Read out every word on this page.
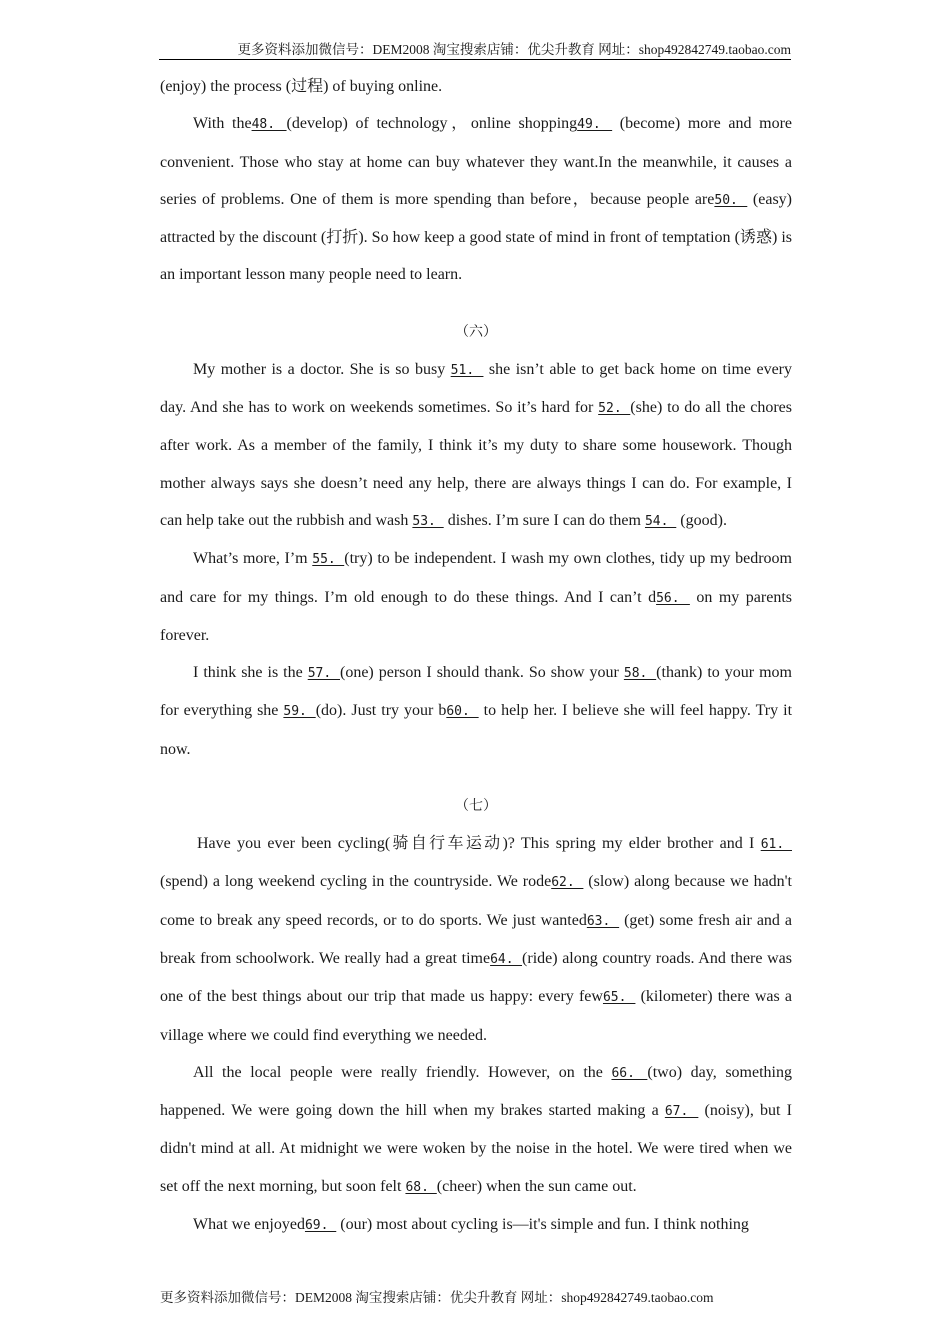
更多资料添加微信号：DEM2008 淘宝搜索店铺：优尖升教育 网址：shop492842749.taobao.com

(enjoy) the process (过程) of buying online.

With the48. (develop) of technology，online shopping49.  (become) more and more convenient. Those who stay at home can buy whatever they want.In the meanwhile, it causes a series of problems. One of them is more spending than before，because people are50.  (easy) attracted by the discount (打折). So how keep a good state of mind in front of temptation (诱惑) is an important lesson many people need to learn.

（六）

My mother is a doctor. She is so busy 51.  she isn’t able to get back home on time every day. And she has to work on weekends sometimes. So it’s hard for 52. (she) to do all the chores after work. As a member of the family, I think it’s my duty to share some housework. Though mother always says she doesn’t need any help, there are always things I can do. For example, I can help take out the rubbish and wash 53.  dishes. I’m sure I can do them 54.  (good).

What’s more, I’m 55. (try) to be independent. I wash my own clothes, tidy up my bedroom and care for my things. I’m old enough to do these things. And I can’t d56.  on my parents forever.

I think she is the 57. (one) person I should thank. So show your 58. (thank) to your mom for everything she 59. (do). Just try your b60.  to help her. I believe she will feel happy. Try it now.

（七）

Have you ever been cycling(骑自行车运动)? This spring my elder brother and I 61.  (spend) a long weekend cycling in the countryside. We rode62.  (slow) along because we hadn't come to break any speed records, or to do sports. We just wanted63.  (get) some fresh air and a break from schoolwork. We really had a great time64. (ride) along country roads. And there was one of the best things about our trip that made us happy: every few65.  (kilometer) there was a village where we could find everything we needed.

All the local people were really friendly. However, on the 66. (two) day, something happened. We were going down the hill when my brakes started making a 67.  (noisy), but I didn't mind at all. At midnight we were woken by the noise in the hotel. We were tired when we set off the next morning, but soon felt 68. (cheer) when the sun came out.

What we enjoyed69.  (our) most about cycling is—it's simple and fun. I think nothing

更多资料添加微信号：DEM2008 淘宝搜索店铺：优尖升教育 网址：shop492842749.taobao.com
